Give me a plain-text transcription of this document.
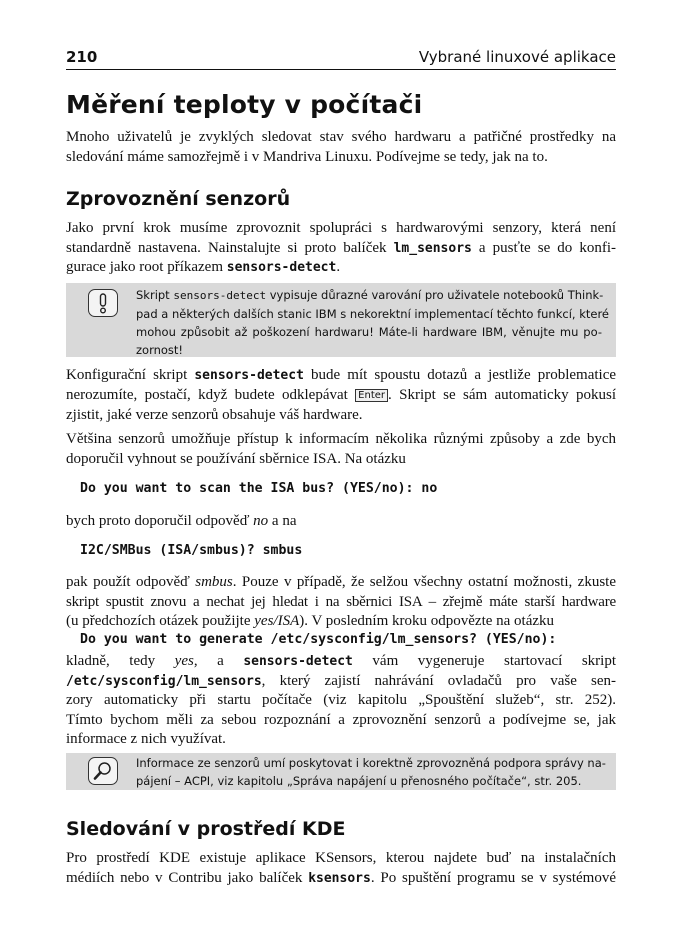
210	Vybrané linuxové aplikace
Měření teploty v počítači
Mnoho uživatelů je zvyklých sledovat stav svého hardwaru a patřičné prostředky na
sledování máme samozřejmě i v Mandriva Linuxu. Podívejme se tedy, jak na to.
Zprovoznění senzorů
Jako první krok musíme zprovoznit spolupráci s hardwarovými senzory, která není
standardně nastavena. Nainstalujte si proto balíček lm_sensors a pusťte se do konfi-
gurace jako root příkazem sensors-detect.
Skript sensors-detect vypisuje důrazné varování pro uživatele notebooků Think-
pad a některých dalších stanic IBM s nekorektní implementací těchto funkcí, které
mohou způsobit až poškození hardwaru! Máte-li hardware IBM, věnujte mu po-
zornost!
Konfigurační skript sensors-detect bude mít spoustu dotazů a jestliže problematice
nerozumíte, postačí, když budete odklepávat Enter . Skript se sám automaticky pokusí
zjistit, jaké verze senzorů obsahuje váš hardware.
Většina senzorů umožňuje přístup k informacím několika různými způsoby a zde bych
doporučil vyhnout se používání sběrnice ISA. Na otázku
Do you want to scan the ISA bus? (YES/no): no
bych proto doporučil odpověď no a na
I2C/SMBus (ISA/smbus)? smbus
pak použít odpověď smbus. Pouze v případě, že selžou všechny ostatní možnosti, zkuste
skript spustit znovu a nechat jej hledat i na sběrnici ISA – zřejmě máte starší hardware
(u předchozích otázek použijte yes/ISA). V posledním kroku odpovězte na otázku
Do you want to generate /etc/sysconfig/lm_sensors? (YES/no):
kladně, tedy yes, a sensors-detect vám vygeneruje startovací skript
/etc/sysconfig/lm_sensors, který zajistí nahrávání ovladačů pro vaše sen-
zory automaticky při startu počítače (viz kapitolu „Spouštění služeb“, str. 252).
Tímto bychom měli za sebou rozpoznání a zprovoznění senzorů a podívejme se, jak
informace z nich využívat.
Informace ze senzorů umí poskytovat i korektně zprovozněná podpora správy na-
pájení – ACPI, viz kapitolu „Správa napájení u přenosného počítače“, str. 205.
Sledování v prostředí KDE
Pro prostředí KDE existuje aplikace KSensors, kterou najdete buď na instalačních
médiích nebo v Contribu jako balíček ksensors. Po spuštění programu se v systémové
